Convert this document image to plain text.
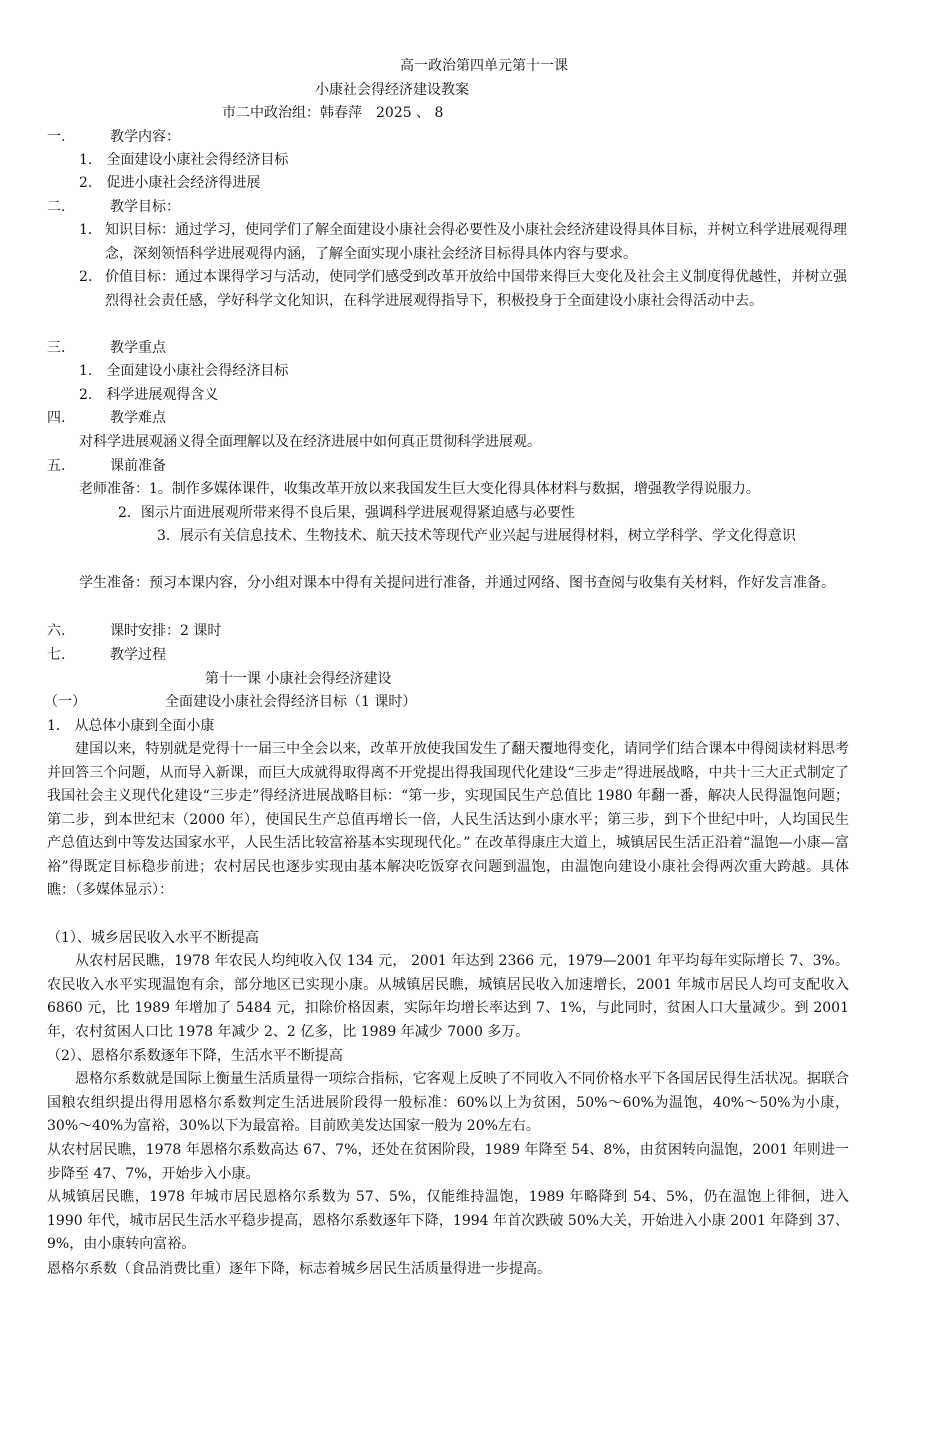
高一政治第四单元第十一课
小康社会得经济建设教案
市二中政治组：韩春萍　2025 、 8
一.	教学内容：
1.　全面建设小康社会得经济目标
2.　促进小康社会经济得进展
二.	教学目标：
1. 知识目标：通过学习，使同学们了解全面建设小康社会得必要性及小康社会经济建设得具体目标，并树立科学进展观得理念，深刻领悟科学进展观得内涵，了解全面实现小康社会经济目标得具体内容与要求。
2. 价值目标：通过本课得学习与活动，使同学们感受到改革开放给中国带来得巨大变化及社会主义制度得优越性，并树立强烈得社会责任感，学好科学文化知识，在科学进展观得指导下，积极投身于全面建设小康社会得活动中去。
三.	教学重点
1.　全面建设小康社会得经济目标
2.　科学进展观得含义
四.	教学难点
对科学进展观涵义得全面理解以及在经济进展中如何真正贯彻科学进展观。
五.	课前准备
老师准备：1。制作多媒体课件，收集改革开放以来我国发生巨大变化得具体材料与数据，增强教学得说服力。
2．图示片面进展观所带来得不良后果，强调科学进展观得紧迫感与必要性
3．展示有关信息技术、生物技术、航天技术等现代产业兴起与进展得材料，树立学科学、学文化得意识
学生准备：预习本课内容，分小组对课本中得有关提问进行准备，并通过网络、图书查阅与收集有关材料，作好发言准备。
六.	课时安排：2 课时
七.	教学过程
第十一课 小康社会得经济建设
（一）	全面建设小康社会得经济目标（1 课时）
1.　从总体小康到全面小康
建国以来，特别就是党得十一届三中全会以来，改革开放使我国发生了翻天覆地得变化，请同学们结合课本中得阅读材料思考并回答三个问题，从而导入新课，而巨大成就得取得离不开党提出得我国现代化建设“三步走”得进展战略，中共十三大正式制定了我国社会主义现代化建设“三步走”得经济进展战略目标：“第一步，实现国民生产总值比 1980 年翻一番，解决人民得温饱问题；第二步，到本世纪末（2000 年），使国民生产总值再增长一倍，人民生活达到小康水平；第三步，到下个世纪中叶，人均国民生产总值达到中等发达国家水平，人民生活比较富裕基本实现现代化。” 在改革得康庄大道上，城镇居民生活正沿着“温饱—小康—富裕”得既定目标稳步前进；农村居民也逐步实现由基本解决吃饭穿衣问题到温饱，由温饱向建设小康社会得两次重大跨越。具体瞧：（多媒体显示）：
（1）、城乡居民收入水平不断提高
从农村居民瞧，1978 年农民人均纯收入仅 134 元， 2001 年达到 2366 元，1979—2001 年平均每年实际增长 7、3%。农民收入水平实现温饱有余，部分地区已实现小康。从城镇居民瞧，城镇居民收入加速增长，2001 年城市居民人均可支配收入 6860 元，比 1989 年增加了 5484 元，扣除价格因素，实际年均增长率达到 7、1%，与此同时，贫困人口大量减少。到 2001 年，农村贫困人口比 1978 年减少 2、2 亿多，比 1989 年减少 7000 多万。
（2）、恩格尔系数逐年下降，生活水平不断提高
恩格尔系数就是国际上衡量生活质量得一项综合指标，它客观上反映了不同收入不同价格水平下各国居民得生活状况。据联合国粮农组织提出得用恩格尔系数判定生活进展阶段得一般标准：60%以上为贫困，50%～60%为温饱，40%～50%为小康，30%～40%为富裕，30%以下为最富裕。目前欧美发达国家一般为 20%左右。
从农村居民瞧，1978 年恩格尔系数高达 67、7%，还处在贫困阶段，1989 年降至 54、8%，由贫困转向温饱，2001 年则进一步降至 47、7%，开始步入小康。
从城镇居民瞧，1978 年城市居民恩格尔系数为 57、5%，仅能维持温饱，1989 年略降到 54、5%，仍在温饱上徘徊，进入 1990 年代，城市居民生活水平稳步提高，恩格尔系数逐年下降，1994 年首次跌破 50%大关，开始进入小康 2001 年降到 37、9%，由小康转向富裕。
恩格尔系数（食品消费比重）逐年下降，标志着城乡居民生活质量得进一步提高。
